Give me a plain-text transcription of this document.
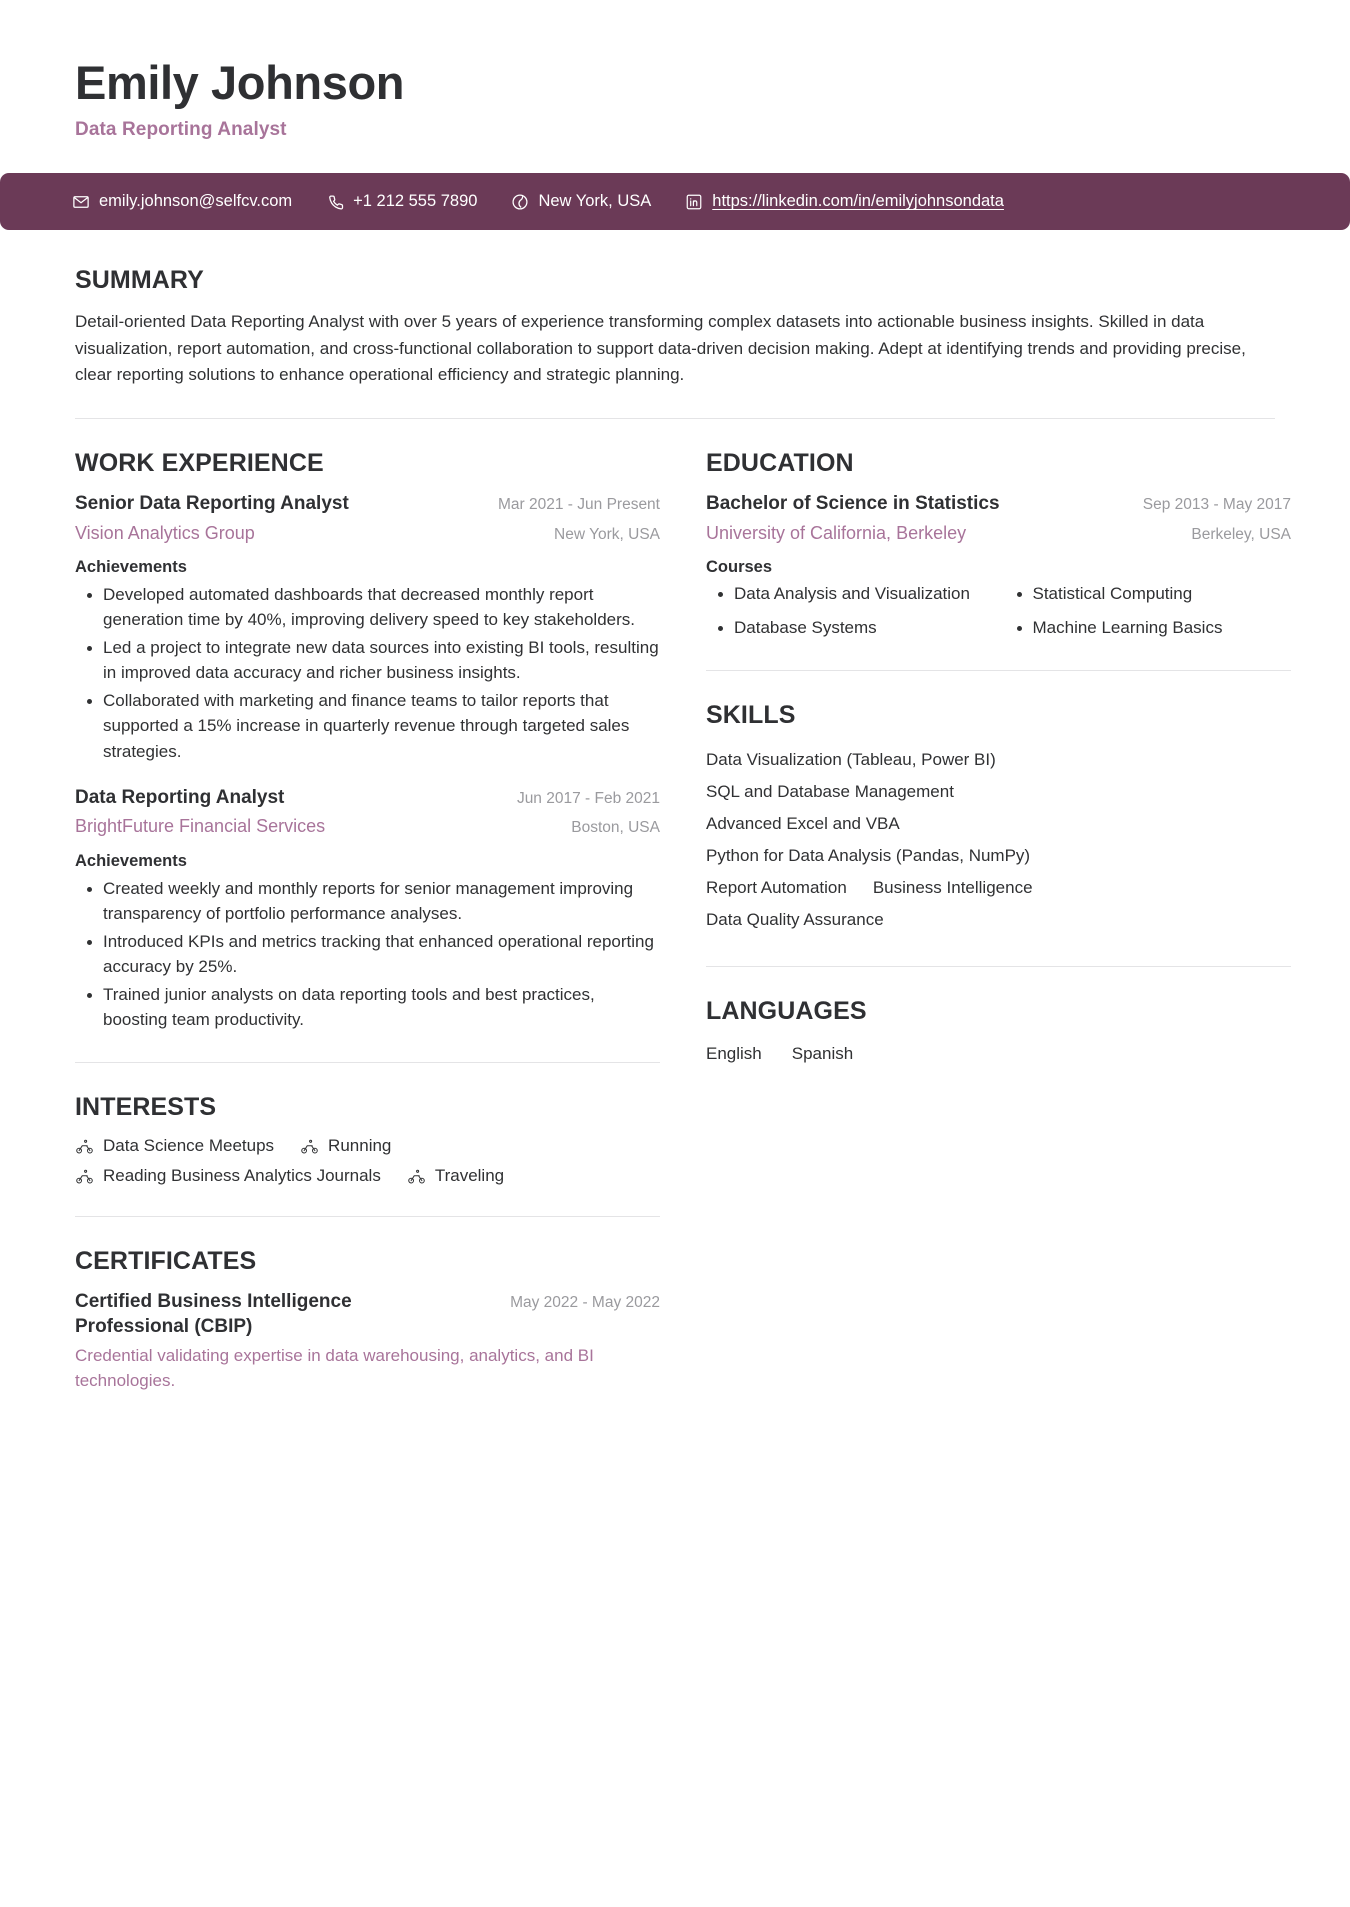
Emily Johnson
Data Reporting Analyst
emily.johnson@selfcv.com	+1 212 555 7890	New York, USA	https://linkedin.com/in/emilyjohnsondata
SUMMARY

Detail-oriented Data Reporting Analyst with over 5 years of experience transforming complex datasets into actionable business insights. Skilled in data visualization, report automation, and cross-functional collaboration to support data-driven decision making. Adept at identifying trends and providing precise, clear reporting solutions to enhance operational efficiency and strategic planning.

WORK EXPERIENCE
Senior Data Reporting Analyst	Mar 2021 - Jun Present
Vision Analytics Group	New York, USA
Achievements
Developed automated dashboards that decreased monthly report generation time by 40%, improving delivery speed to key stakeholders.
Led a project to integrate new data sources into existing BI tools, resulting in improved data accuracy and richer business insights.
Collaborated with marketing and finance teams to tailor reports that supported a 15% increase in quarterly revenue through targeted sales strategies.
Data Reporting Analyst	Jun 2017 - Feb 2021
BrightFuture Financial Services	Boston, USA
Achievements
Created weekly and monthly reports for senior management improving transparency of portfolio performance analyses.
Introduced KPIs and metrics tracking that enhanced operational reporting accuracy by 25%.
Trained junior analysts on data reporting tools and best practices, boosting team productivity.
INTERESTS
Data Science Meetups	Running
Reading Business Analytics Journals	Traveling
CERTIFICATES
Certified Business Intelligence Professional (CBIP)
May 2022 - May 2022
Credential validating expertise in data warehousing, analytics, and BI technologies.
EDUCATION
Bachelor of Science in Statistics	Sep 2013 - May 2017
University of California, Berkeley	Berkeley, USA
Courses
Data Analysis and Visualization	Statistical Computing
Database Systems	Machine Learning Basics
SKILLS
Data Visualization (Tableau, Power BI)
SQL and Database Management
Advanced Excel and VBA
Python for Data Analysis (Pandas, NumPy)
Report Automation Business Intelligence
Data Quality Assurance
LANGUAGES
English Spanish
